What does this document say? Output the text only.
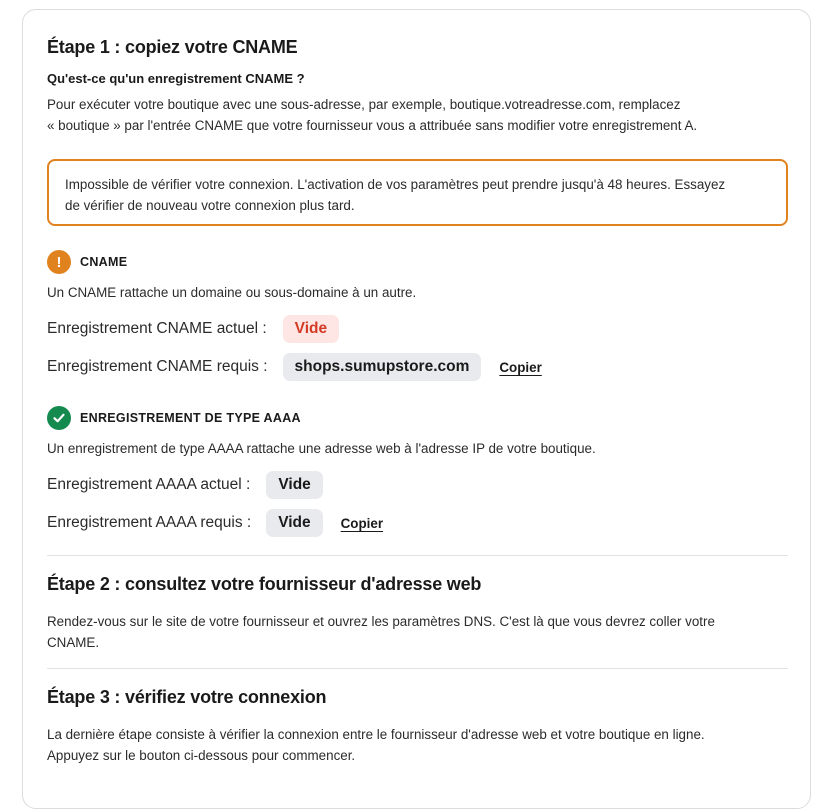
Étape 1 : copiez votre CNAME

Qu'est-ce qu'un enregistrement CNAME ?

Pour exécuter votre boutique avec une sous-adresse, par exemple, boutique.votreadresse.com, remplacez
« boutique » par l'entrée CNAME que votre fournisseur vous a attribuée sans modifier votre enregistrement A.

Impossible de vérifier votre connexion. L'activation de vos paramètres peut prendre jusqu'à 48 heures. Essayez
de vérifier de nouveau votre connexion plus tard.
!	CNAME

Un CNAME rattache un domaine ou sous-domaine à un autre.

Enregistrement CNAME actuel :	Vide
Enregistrement CNAME requis :	shops.sumupstore.com	Copier
ENREGISTREMENT DE TYPE AAAA

Un enregistrement de type AAAA rattache une adresse web à l'adresse IP de votre boutique.

Enregistrement AAAA actuel :	Vide
Enregistrement AAAA requis :	Vide	Copier
Étape 2 : consultez votre fournisseur d'adresse web

Rendez-vous sur le site de votre fournisseur et ouvrez les paramètres DNS. C'est là que vous devrez coller votre
CNAME.

Étape 3 : vérifiez votre connexion

La dernière étape consiste à vérifier la connexion entre le fournisseur d'adresse web et votre boutique en ligne.
Appuyez sur le bouton ci-dessous pour commencer.
